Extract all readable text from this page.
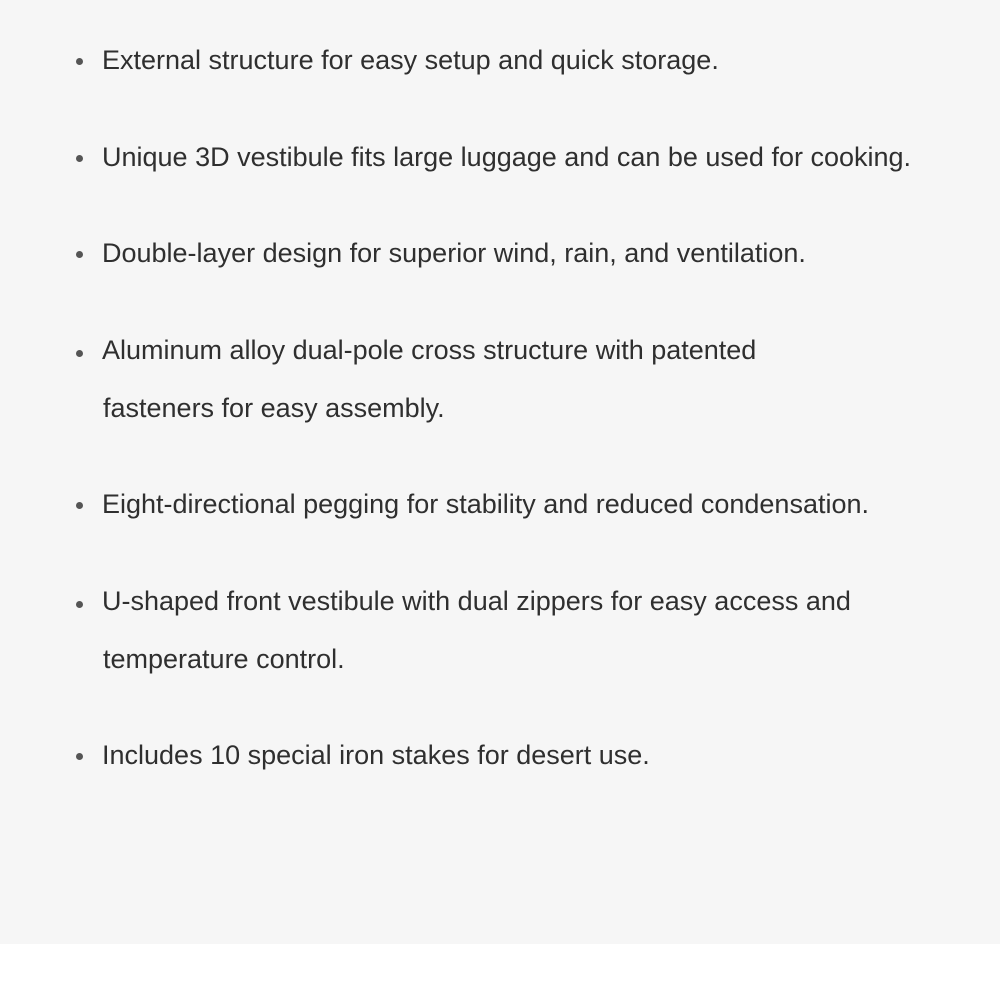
External structure for easy setup and quick storage.
Unique 3D vestibule fits large luggage and can be used for cooking.
Double-layer design for superior wind, rain, and ventilation.
Aluminum alloy dual-pole cross structure with patented
fasteners for easy assembly.
Eight-directional pegging for stability and reduced condensation.
U-shaped front vestibule with dual zippers for easy access and
temperature control.
Includes 10 special iron stakes for desert use.
